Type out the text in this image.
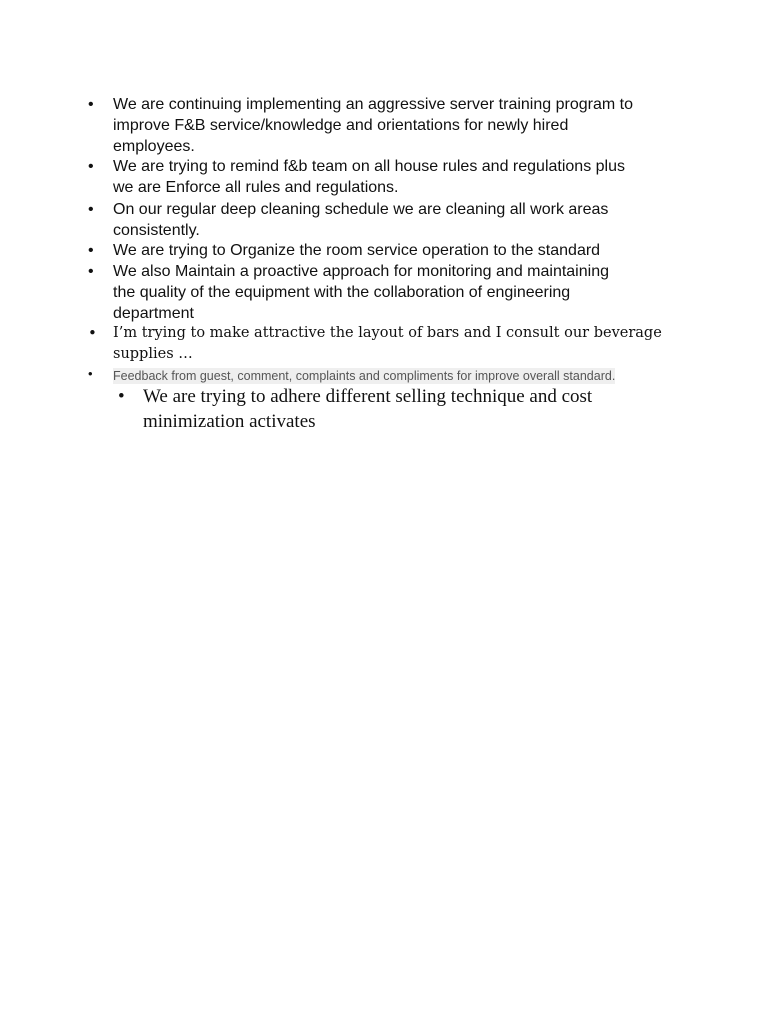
• We are continuing implementing an aggressive server training program to
improve F&B service/knowledge and orientations for newly hired
employees.
• We are trying to remind f&b team on all house rules and regulations plus
we are Enforce all rules and regulations.
• On our regular deep cleaning schedule we are cleaning all work areas
consistently.
• We are trying to Organize the room service operation to the standard
• We also Maintain a proactive approach for monitoring and maintaining
the quality of the equipment with the collaboration of engineering
department
• I’m trying to make attractive the layout of bars and I consult our beverage
supplies …
• Feedback from guest, comment, complaints and compliments for improve overall standard.
• We are trying to adhere different selling technique and cost
minimization activates
